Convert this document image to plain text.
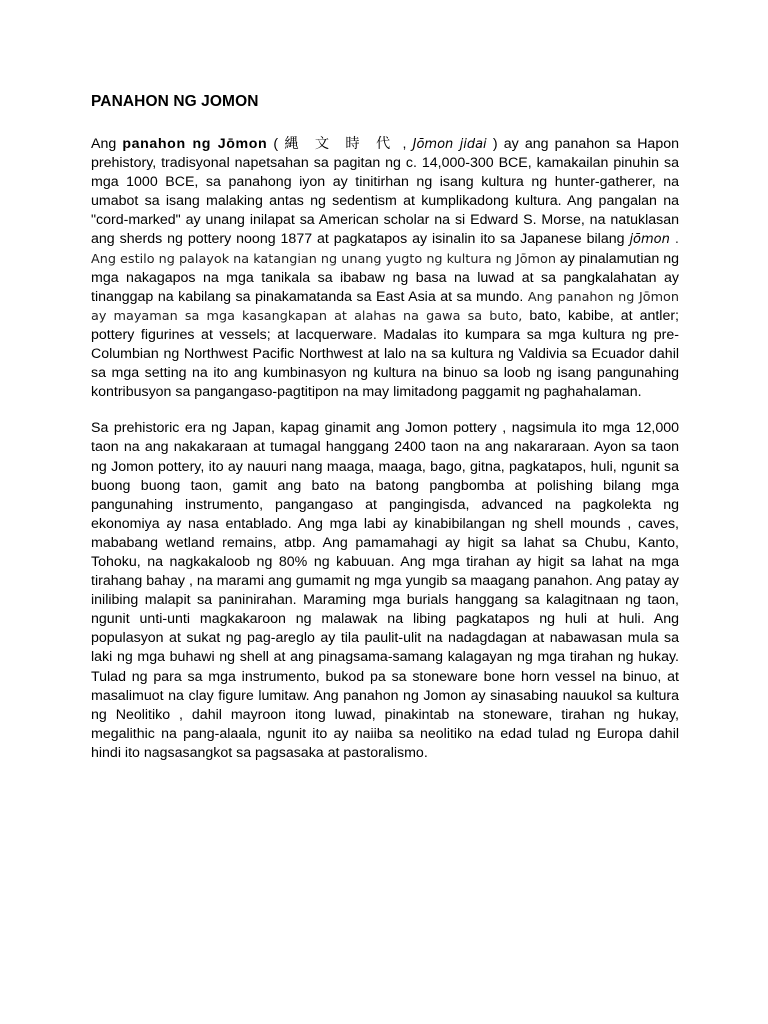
PANAHON NG JOMON

Ang panahon ng Jōmon ( 縄 文 時 代 , Jōmon jidai ) ay ang panahon sa Hapon prehistory, tradisyonal napetsahan sa pagitan ng c. 14,000-300 BCE, kamakailan pinuhin sa mga 1000 BCE, sa panahong iyon ay tinitirhan ng isang kultura ng hunter-gatherer, na umabot sa isang malaking antas ng sedentism at kumplikadong kultura. Ang pangalan na "cord-marked" ay unang inilapat sa American scholar na si Edward S. Morse, na natuklasan ang sherds ng pottery noong 1877 at pagkatapos ay isinalin ito sa Japanese bilang jōmon . Ang estilo ng palayok na katangian ng unang yugto ng kultura ng Jōmon ay pinalamutian ng mga nakagapos na mga tanikala sa ibabaw ng basa na luwad at sa pangkalahatan ay tinanggap na kabilang sa pinakamatanda sa East Asia at sa mundo. Ang panahon ng Jōmon ay mayaman sa mga kasangkapan at alahas na gawa sa buto, bato, kabibe, at antler; pottery figurines at vessels; at lacquerware. Madalas ito kumpara sa mga kultura ng pre-Columbian ng Northwest Pacific Northwest at lalo na sa kultura ng Valdivia sa Ecuador dahil sa mga setting na ito ang kumbinasyon ng kultura na binuo sa loob ng isang pangunahing kontribusyon sa pangangaso-pagtitipon na may limitadong paggamit ng paghahalaman.

Sa prehistoric era ng Japan, kapag ginamit ang Jomon pottery , nagsimula ito mga 12,000 taon na ang nakakaraan at tumagal hanggang 2400 taon na ang nakararaan. Ayon sa taon ng Jomon pottery, ito ay nauuri nang maaga, maaga, bago, gitna, pagkatapos, huli, ngunit sa buong buong taon, gamit ang bato na batong pangbomba at polishing bilang mga pangunahing instrumento, pangangaso at pangingisda, advanced na pagkolekta ng ekonomiya ay nasa entablado. Ang mga labi ay kinabibilangan ng shell mounds , caves, mababang wetland remains, atbp. Ang pamamahagi ay higit sa lahat sa Chubu, Kanto, Tohoku, na nagkakaloob ng 80% ng kabuuan. Ang mga tirahan ay higit sa lahat na mga tirahang bahay , na marami ang gumamit ng mga yungib sa maagang panahon. Ang patay ay inilibing malapit sa paninirahan. Maraming mga burials hanggang sa kalagitnaan ng taon, ngunit unti-unti magkakaroon ng malawak na libing pagkatapos ng huli at huli. Ang populasyon at sukat ng pag-areglo ay tila paulit-ulit na nadagdagan at nabawasan mula sa laki ng mga buhawi ng shell at ang pinagsama-samang kalagayan ng mga tirahan ng hukay. Tulad ng para sa mga instrumento, bukod pa sa stoneware bone horn vessel na binuo, at masalimuot na clay figure lumitaw. Ang panahon ng Jomon ay sinasabing nauukol sa kultura ng Neolitiko , dahil mayroon itong luwad, pinakintab na stoneware, tirahan ng hukay, megalithic na pang-alaala, ngunit ito ay naiiba sa neolitiko na edad tulad ng Europa dahil hindi ito nagsasangkot sa pagsasaka at pastoralismo.
